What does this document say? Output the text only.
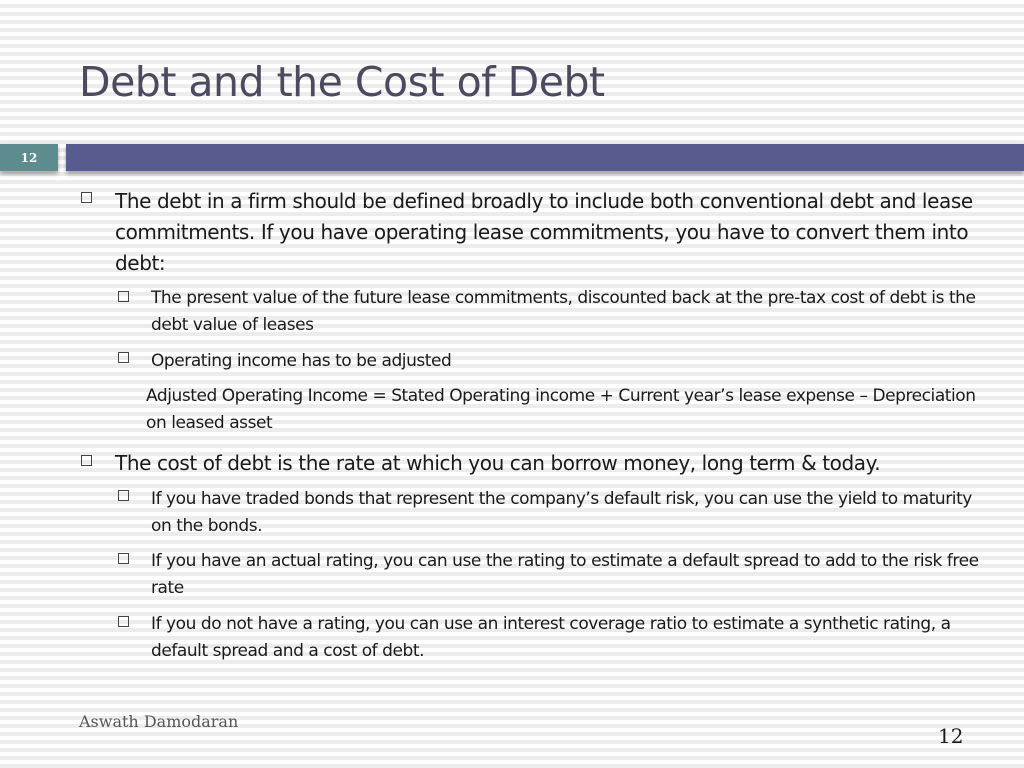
Debt and the Cost of Debt
12
The debt in a firm should be defined broadly to include both conventional debt and lease commitments. If you have operating lease commitments, you have to convert them into debt:
The present value of the future lease commitments, discounted back at the pre-tax cost of debt is the debt value of leases
Operating income has to be adjusted
Adjusted Operating Income = Stated Operating income + Current year’s lease expense – Depreciation on leased asset
The cost of debt is the rate at which you can borrow money, long term & today.
If you have traded bonds that represent the company’s default risk, you can use the yield to maturity on the bonds.
If you have an actual rating, you can use the rating to estimate a default spread to add to the risk free rate
If you do not have a rating, you can use an interest coverage ratio to estimate a synthetic rating, a default spread and a cost of debt.
Aswath Damodaran
12
